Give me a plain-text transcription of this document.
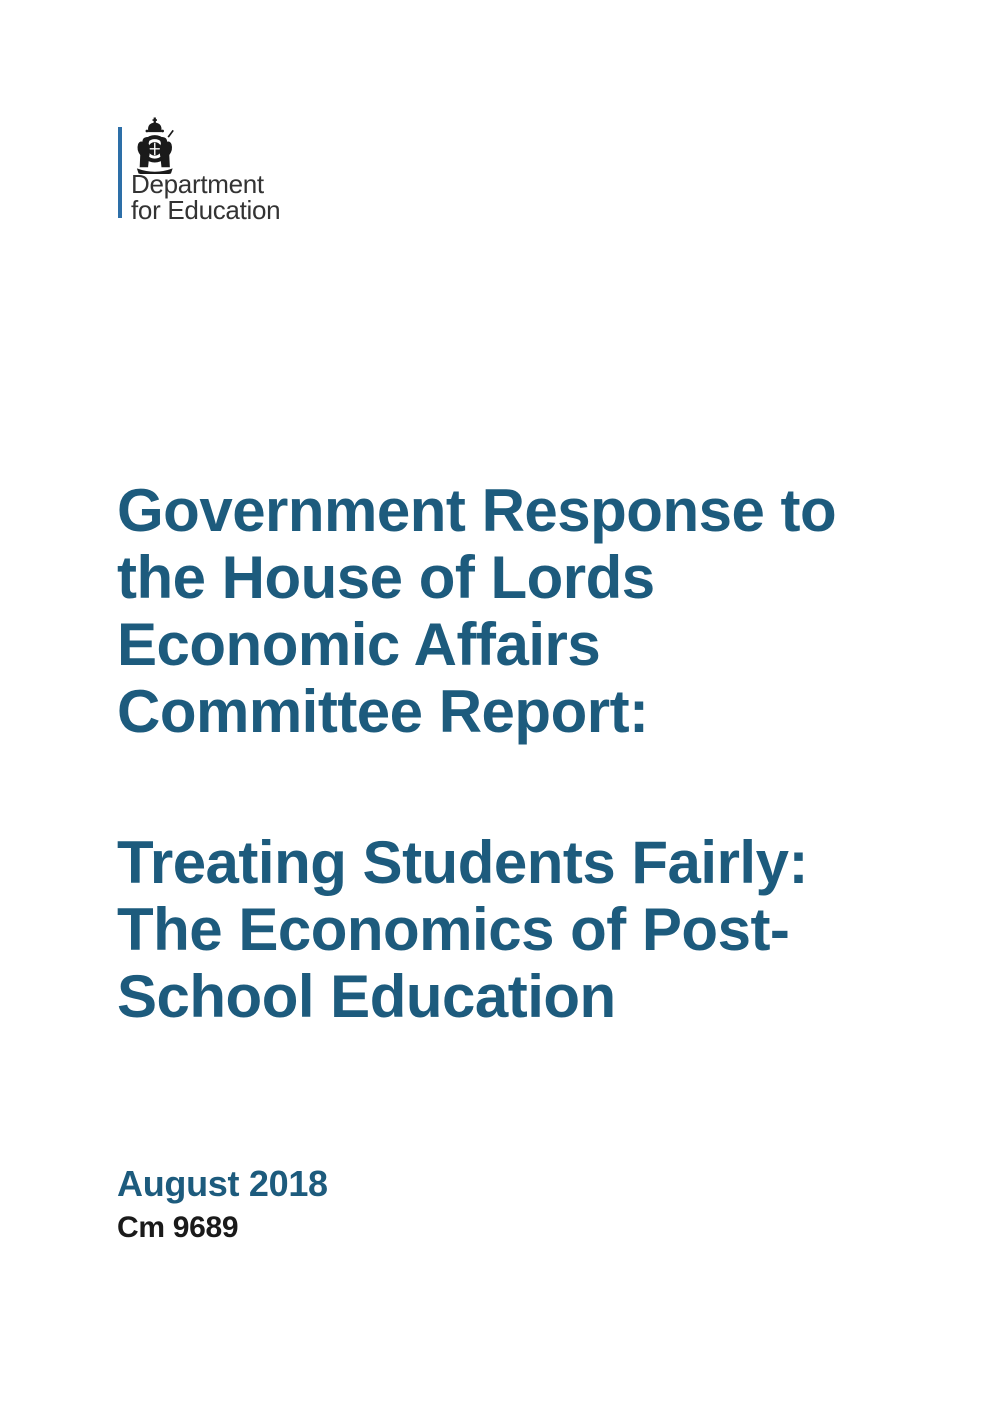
Department
for Education
Government Response to
the House of Lords
Economic Affairs
Committee Report:
Treating Students Fairly:
The Economics of Post-
School Education
August 2018
Cm 9689
